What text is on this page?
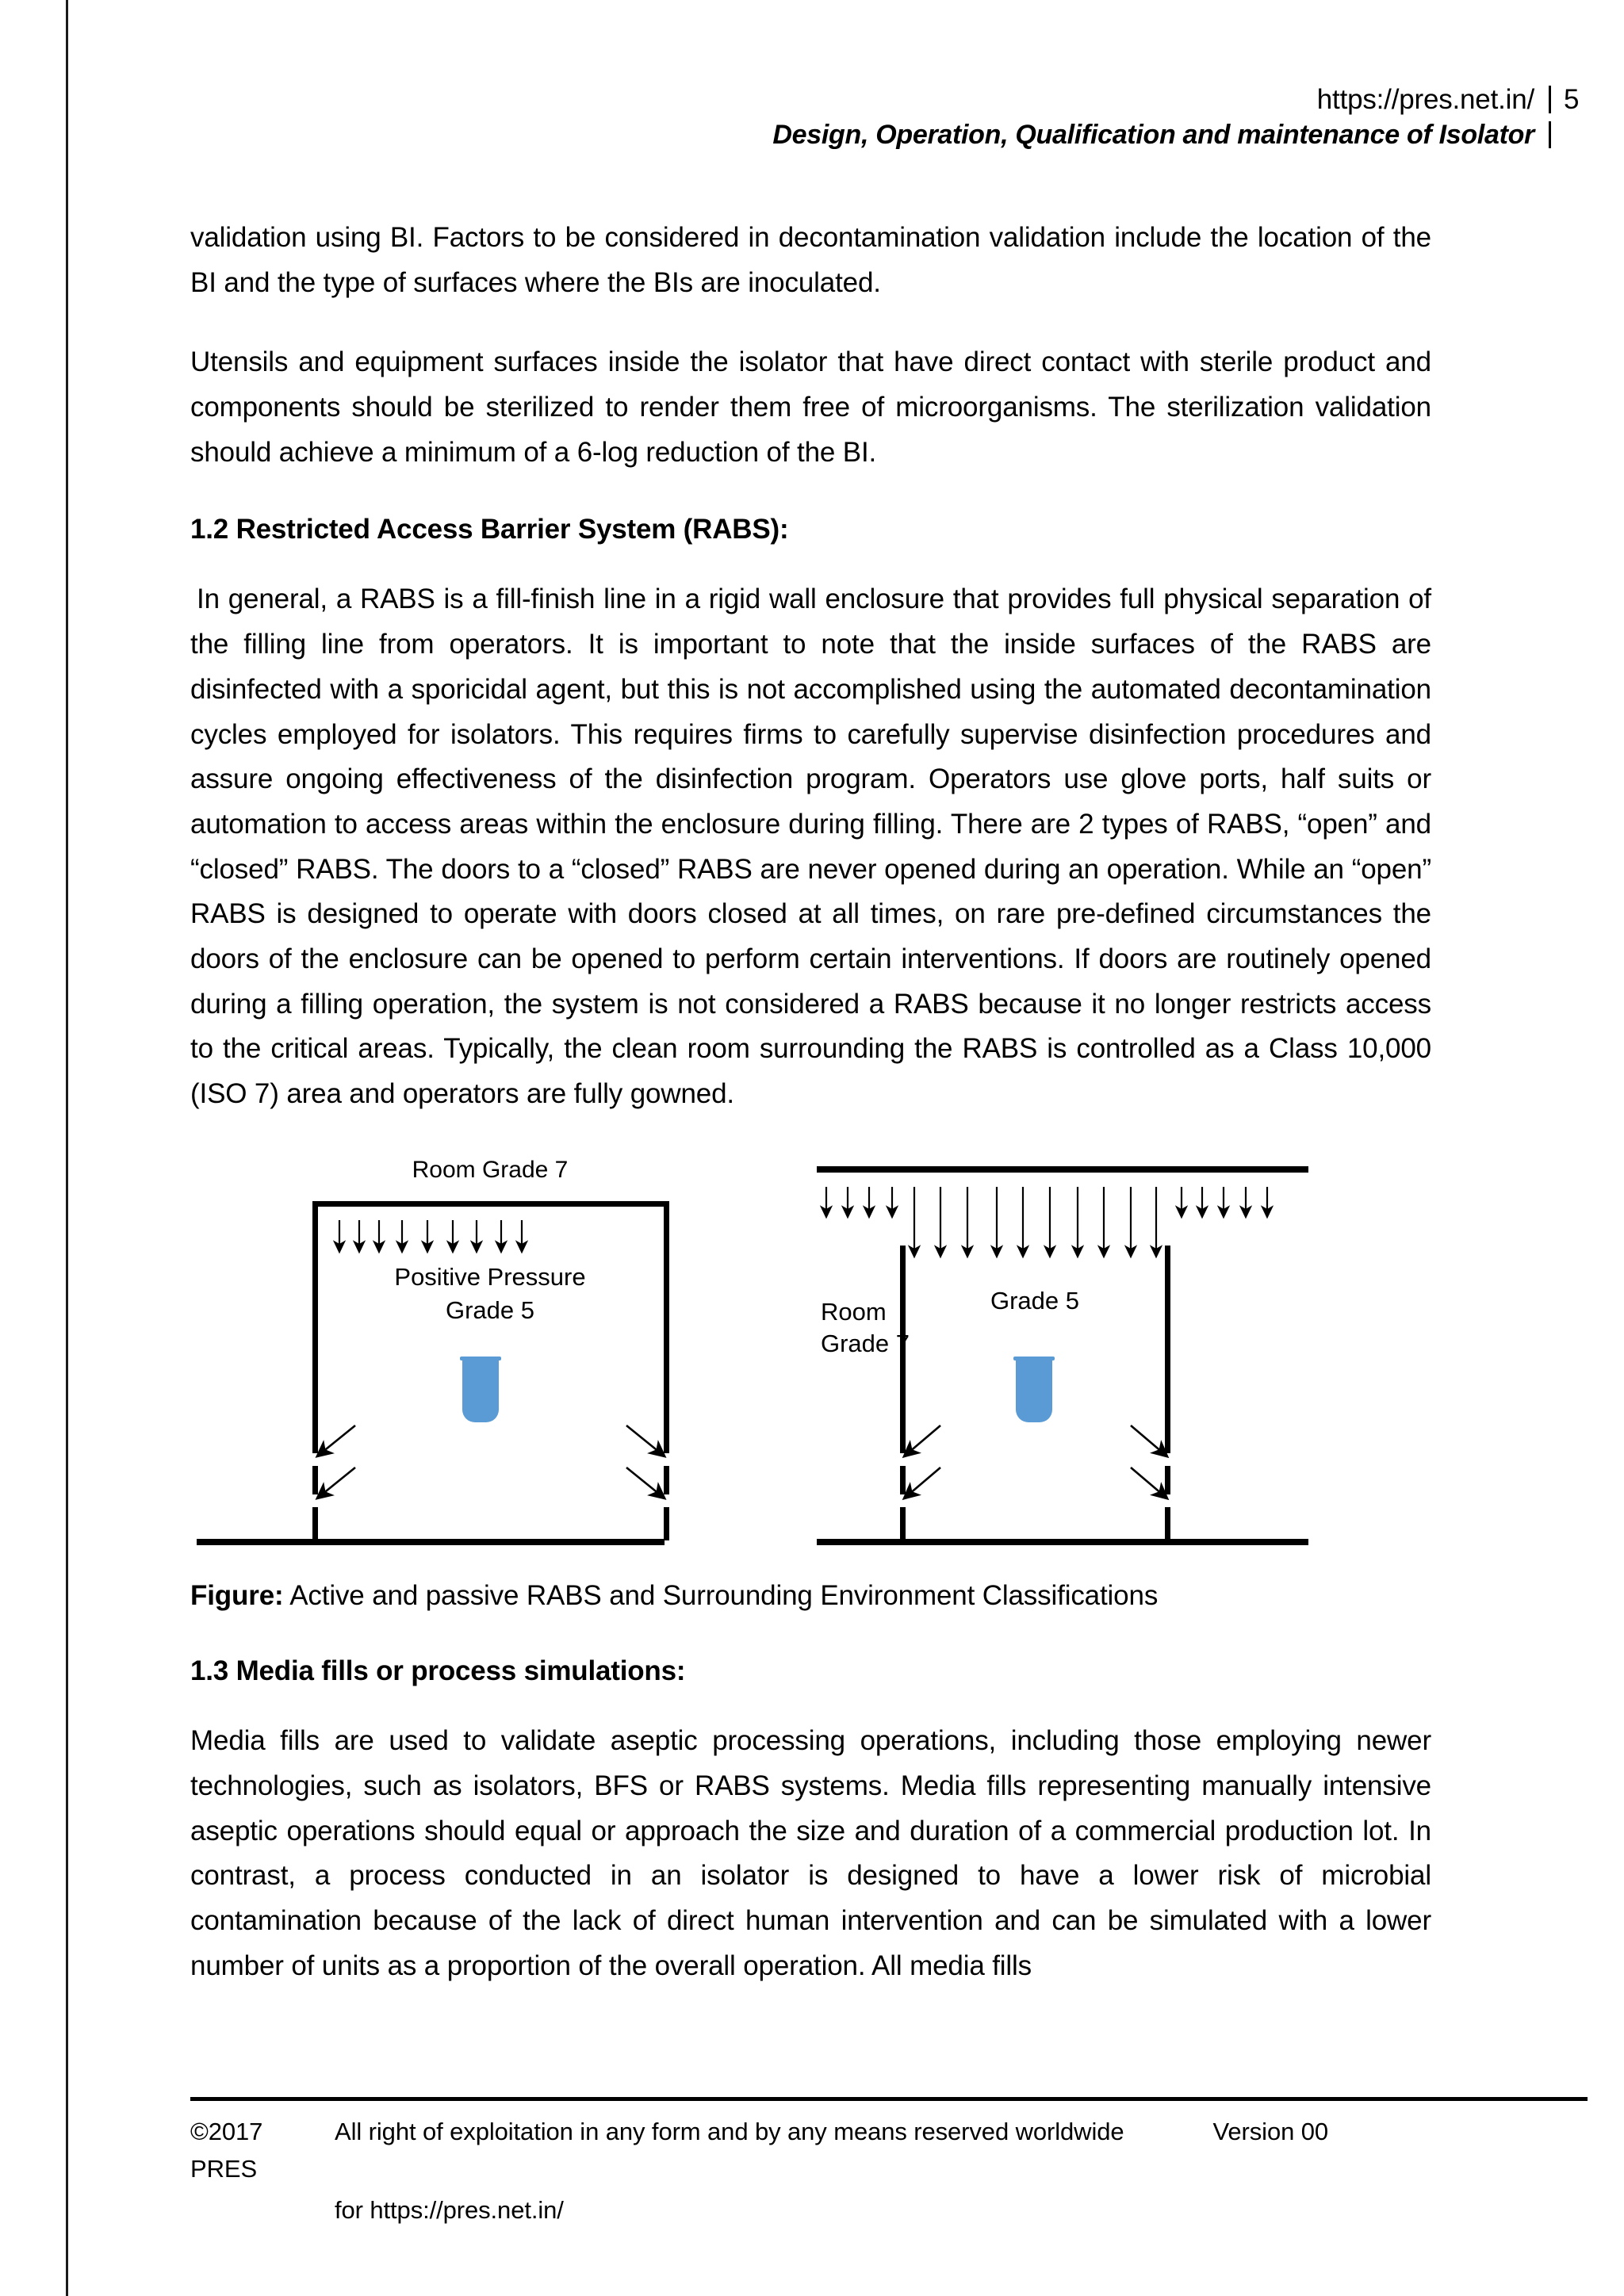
https://pres.net.in/	5
Design, Operation, Qualification and maintenance of Isolator

validation using BI. Factors to be considered in decontamination validation include the location of the BI and the type of surfaces where the BIs are inoculated.

Utensils and equipment surfaces inside the isolator that have direct contact with sterile product and components should be sterilized to render them free of microorganisms. The sterilization validation should achieve a minimum of a 6-log reduction of the BI.

1.2 Restricted Access Barrier System (RABS):

In general, a RABS is a fill-finish line in a rigid wall enclosure that provides full physical separation of the filling line from operators. It is important to note that the inside surfaces of the RABS are disinfected with a sporicidal agent, but this is not accomplished using the automated decontamination cycles employed for isolators. This requires firms to carefully supervise disinfection procedures and assure ongoing effectiveness of the disinfection program. Operators use glove ports, half suits or automation to access areas within the enclosure during filling. There are 2 types of RABS, “open” and “closed” RABS. The doors to a “closed” RABS are never opened during an operation. While an “open” RABS is designed to operate with doors closed at all times, on rare pre-defined circumstances the doors of the enclosure can be opened to perform certain interventions. If doors are routinely opened during a filling operation, the system is not considered a RABS because it no longer restricts access to the critical areas. Typically, the clean room surrounding the RABS is controlled as a Class 10,000 (ISO 7) area and operators are fully gowned.

Room Grade 7
Positive Pressure
Grade 5	Grade 5
Room
Grade 7

Figure: Active and passive RABS and Surrounding Environment Classifications

1.3 Media fills or process simulations:

Media fills are used to validate aseptic processing operations, including those employing newer technologies, such as isolators, BFS or RABS systems. Media fills representing manually intensive aseptic operations should equal or approach the size and duration of a commercial production lot. In contrast, a process conducted in an isolator is designed to have a lower risk of microbial contamination because of the lack of direct human intervention and can be simulated with a lower number of units as a proportion of the overall operation. All media fills

©2017 PRES
All right of exploitation in any form and by any means reserved worldwide	Version 00
for https://pres.net.in/
